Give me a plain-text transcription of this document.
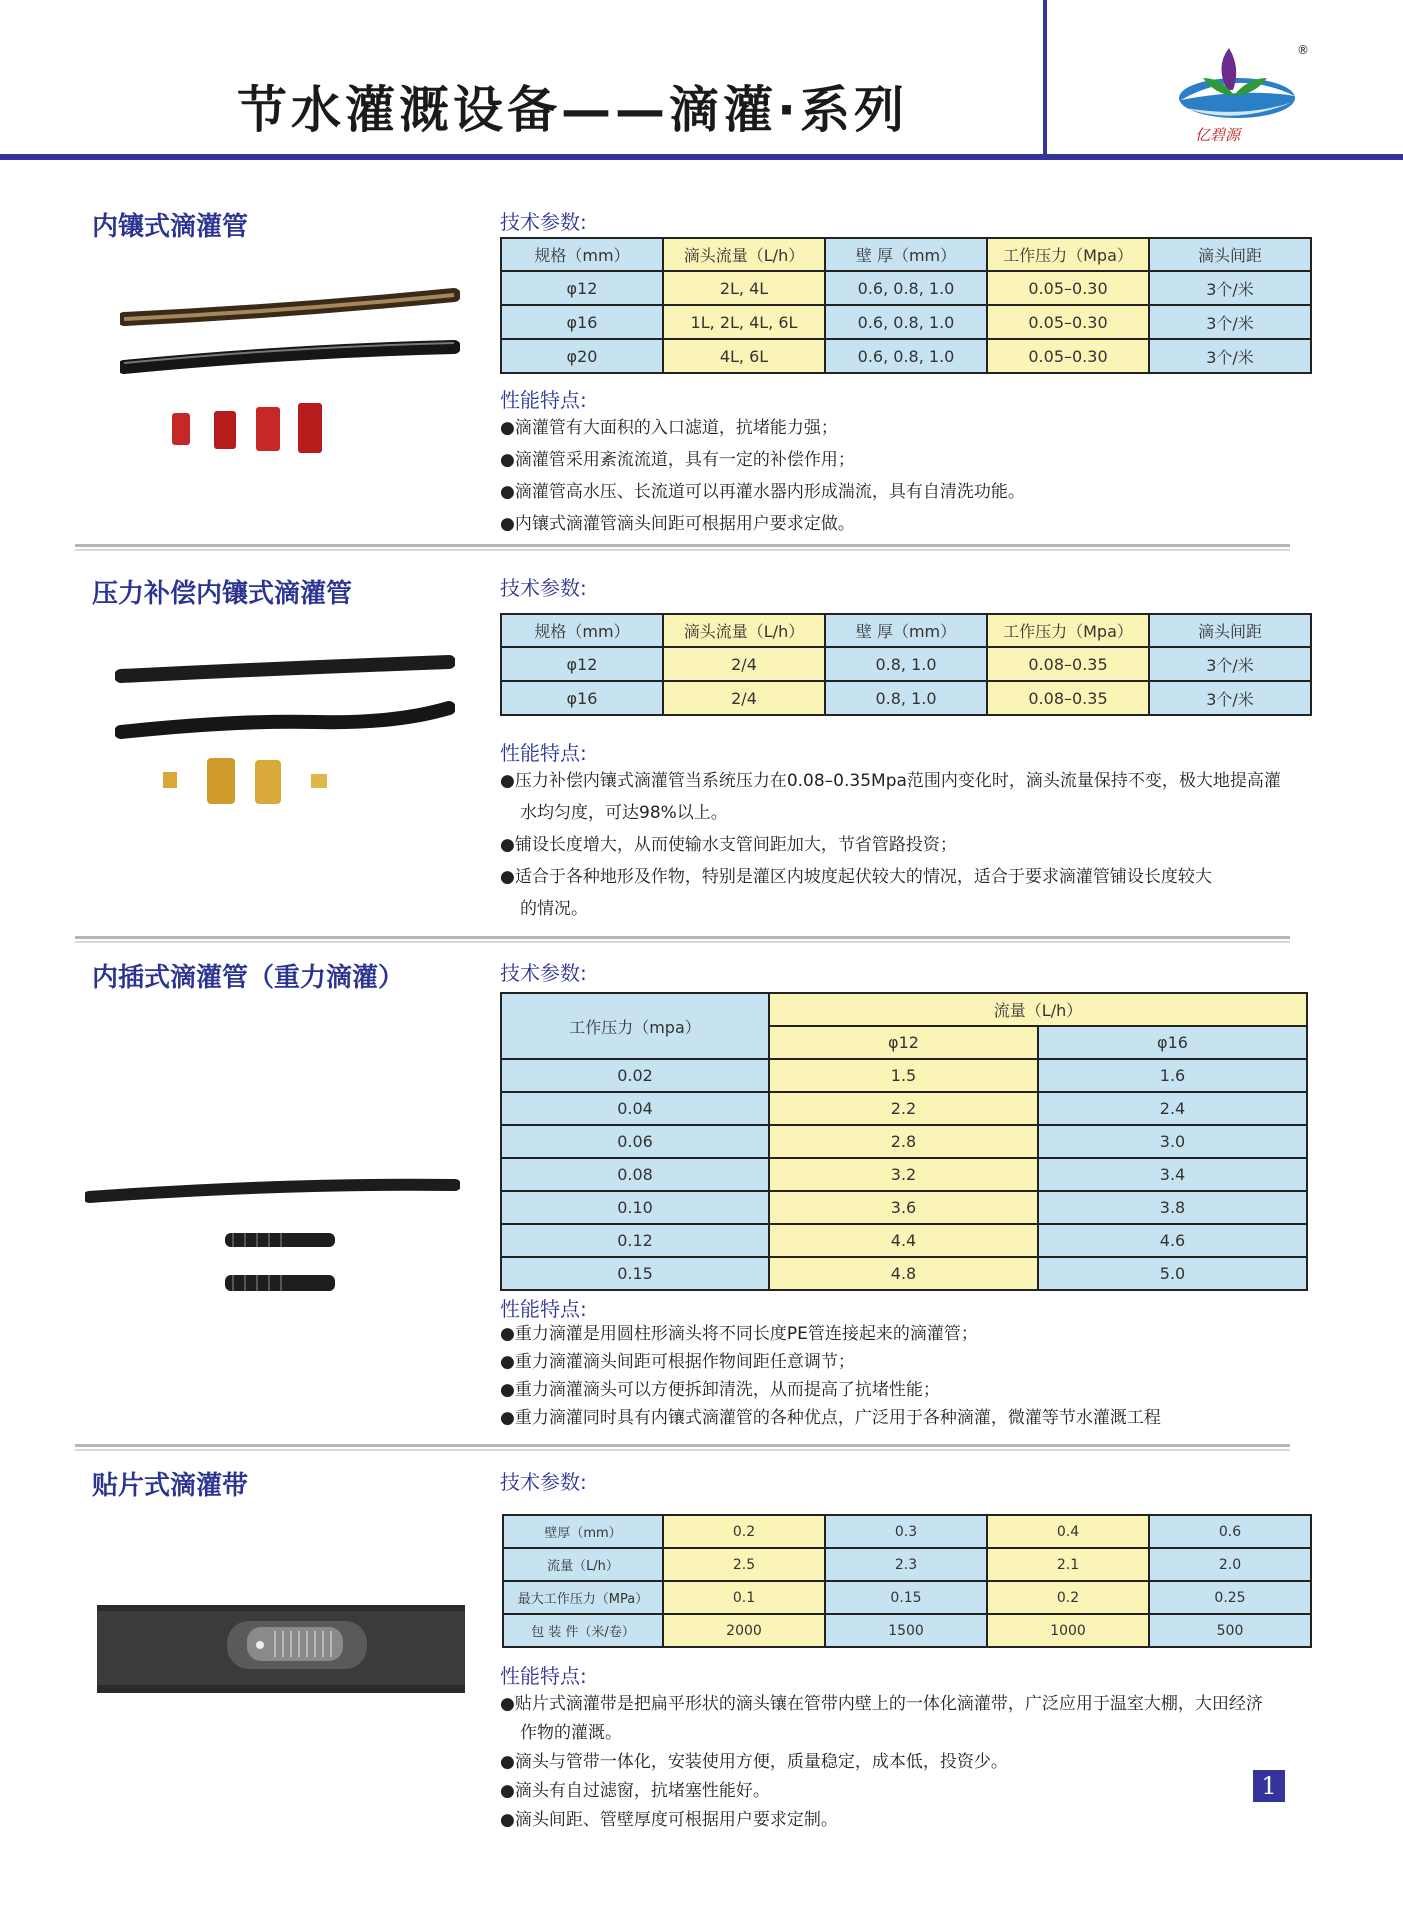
节水灌溉设备——滴灌·系列	亿碧源
®
内镶式滴灌管	技术参数:
规格（mm）	滴头流量（L/h）	壁 厚（mm）	工作压力（Mpa）	滴头间距
φ12	2L, 4L	0.6, 0.8, 1.0	0.05–0.30	3个/米
φ16	1L, 2L, 4L, 6L	0.6, 0.8, 1.0	0.05–0.30	3个/米
φ20	4L, 6L	0.6, 0.8, 1.0	0.05–0.30	3个/米
性能特点:
●滴灌管有大面积的入口滤道，抗堵能力强；
●滴灌管采用紊流流道，具有一定的补偿作用；
●滴灌管高水压、长流道可以再灌水器内形成湍流，具有自清洗功能。
●内镶式滴灌管滴头间距可根据用户要求定做。
压力补偿内镶式滴灌管	技术参数:
规格（mm）	滴头流量（L/h）	壁 厚（mm）	工作压力（Mpa）	滴头间距
φ12	2/4	0.8, 1.0	0.08–0.35	3个/米
φ16	2/4	0.8, 1.0	0.08–0.35	3个/米
性能特点:
●压力补偿内镶式滴灌管当系统压力在0.08–0.35Mpa范围内变化时，滴头流量保持不变，极大地提高灌
水均匀度，可达98%以上。
●铺设长度增大，从而使输水支管间距加大，节省管路投资；
●适合于各种地形及作物，特别是灌区内坡度起伏较大的情况，适合于要求滴灌管铺设长度较大
的情况。
内插式滴灌管（重力滴灌）	技术参数:
工作压力（mpa）	流量（L/h）	
	φ12	φ16
0.02	1.5	1.6
0.04	2.2	2.4
0.06	2.8	3.0
0.08	3.2	3.4
0.10	3.6	3.8
0.12	4.4	4.6
0.15	4.8	5.0
性能特点:
●重力滴灌是用圆柱形滴头将不同长度PE管连接起来的滴灌管；
●重力滴灌滴头间距可根据作物间距任意调节；
●重力滴灌滴头可以方便拆卸清洗，从而提高了抗堵性能；
●重力滴灌同时具有内镶式滴灌管的各种优点，广泛用于各种滴灌，微灌等节水灌溉工程
贴片式滴灌带	技术参数:
壁厚（mm）	0.2	0.3	0.4	0.6
流量（L/h）	2.5	2.3	2.1	2.0
最大工作压力（MPa）	0.1	0.15	0.2	0.25
包 装 件（米/卷）	2000	1500	1000	500
性能特点:
●贴片式滴灌带是把扁平形状的滴头镶在管带内壁上的一体化滴灌带，广泛应用于温室大棚，大田经济
作物的灌溉。
●滴头与管带一体化，安装使用方便，质量稳定，成本低，投资少。
●滴头有自过滤窗，抗堵塞性能好。
●滴头间距、管壁厚度可根据用户要求定制。
1
